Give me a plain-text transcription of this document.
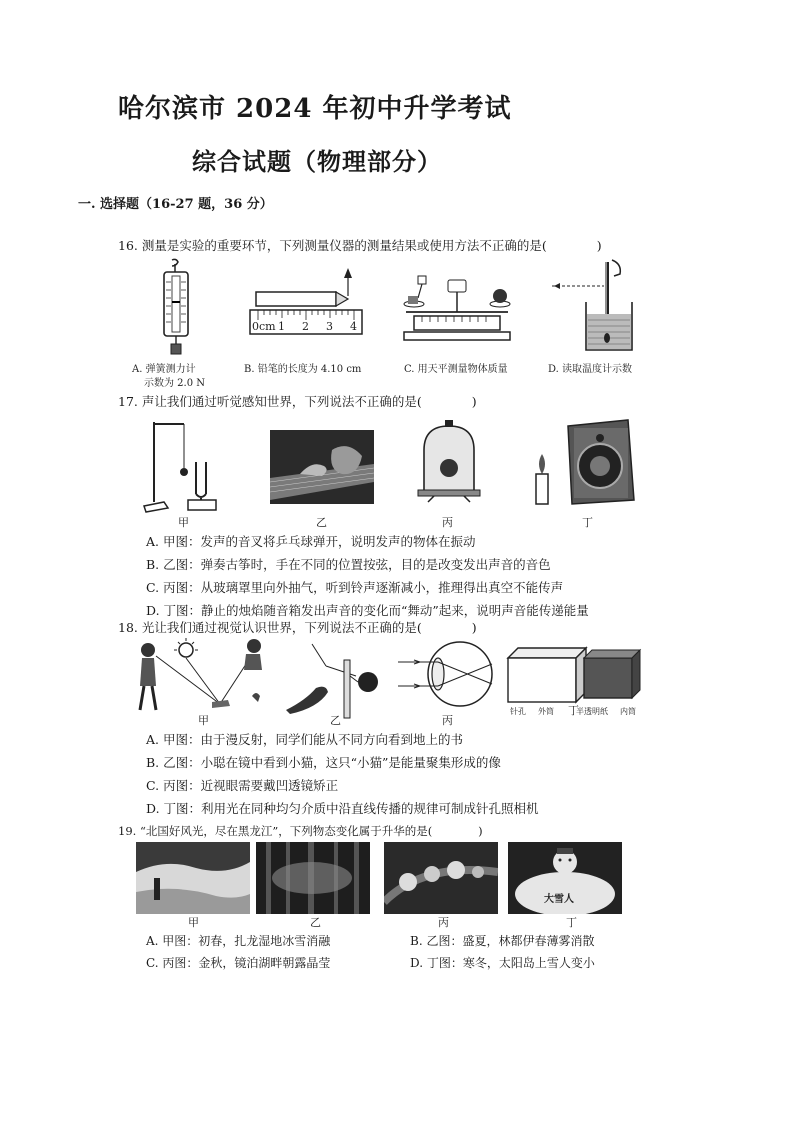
哈尔滨市 2024 年初中升学考试
综合试题（物理部分）
一. 选择题（16-27 题，36 分）
16. 测量是实验的重要环节，下列测量仪器的测量结果或使用方法不正确的是(　　　　)
A. 弹簧测力计
示数为 2.0 N
0cm 1 2 3 4
B. 铅笔的长度为 4.10 cm	C. 用天平测量物体质量	D. 读取温度计示数
17. 声让我们通过听觉感知世界，下列说法不正确的是(　　　　)
甲	乙	丙	丁
A. 甲图：发声的音叉将乒乓球弹开，说明发声的物体在振动
B. 乙图：弹奏古筝时，手在不同的位置按弦，目的是改变发出声音的音色
C. 丙图：从玻璃罩里向外抽气，听到铃声逐渐减小，推理得出真空不能传声
D. 丁图：静止的烛焰随音箱发出声音的变化而“舞动”起来，说明声音能传递能量
18. 光让我们通过视觉认识世界，下列说法不正确的是(　　　　)
针孔 外筒	半透明纸 内筒
甲	乙	丙
丁
A. 甲图：由于漫反射，同学们能从不同方向看到地上的书
B. 乙图：小聪在镜中看到小猫，这只“小猫”是能量聚集形成的像
C. 丙图：近视眼需要戴凹透镜矫正
D. 丁图：利用光在同种均匀介质中沿直线传播的规律可制成针孔照相机
19. “北国好风光，尽在黑龙江”，下列物态变化属于升华的是(　　　　)
大雪人
甲	乙	丙	丁
A. 甲图：初春，扎龙湿地冰雪消融	B. 乙图：盛夏，林都伊春薄雾消散
C. 丙图：金秋，镜泊湖畔朝露晶莹	D. 丁图：寒冬，太阳岛上雪人变小
